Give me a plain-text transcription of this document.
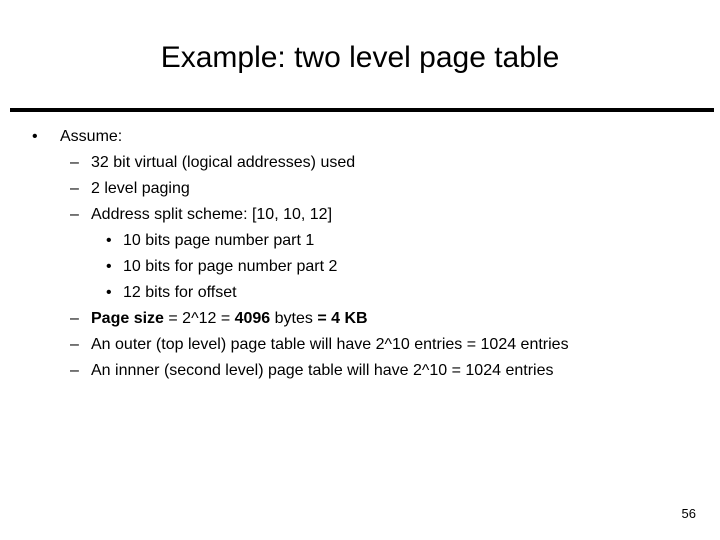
Example: two level page table
• Assume:
– 32 bit virtual (logical addresses) used
– 2 level paging
– Address split scheme: [10, 10, 12]
• 10 bits page number part 1
• 10 bits for page number part 2
• 12 bits for offset
– Page size = 2^12 = 4096 bytes = 4 KB
– An outer (top level) page table will have 2^10 entries = 1024 entries
– An innner (second level) page table will have 2^10 = 1024 entries
56
